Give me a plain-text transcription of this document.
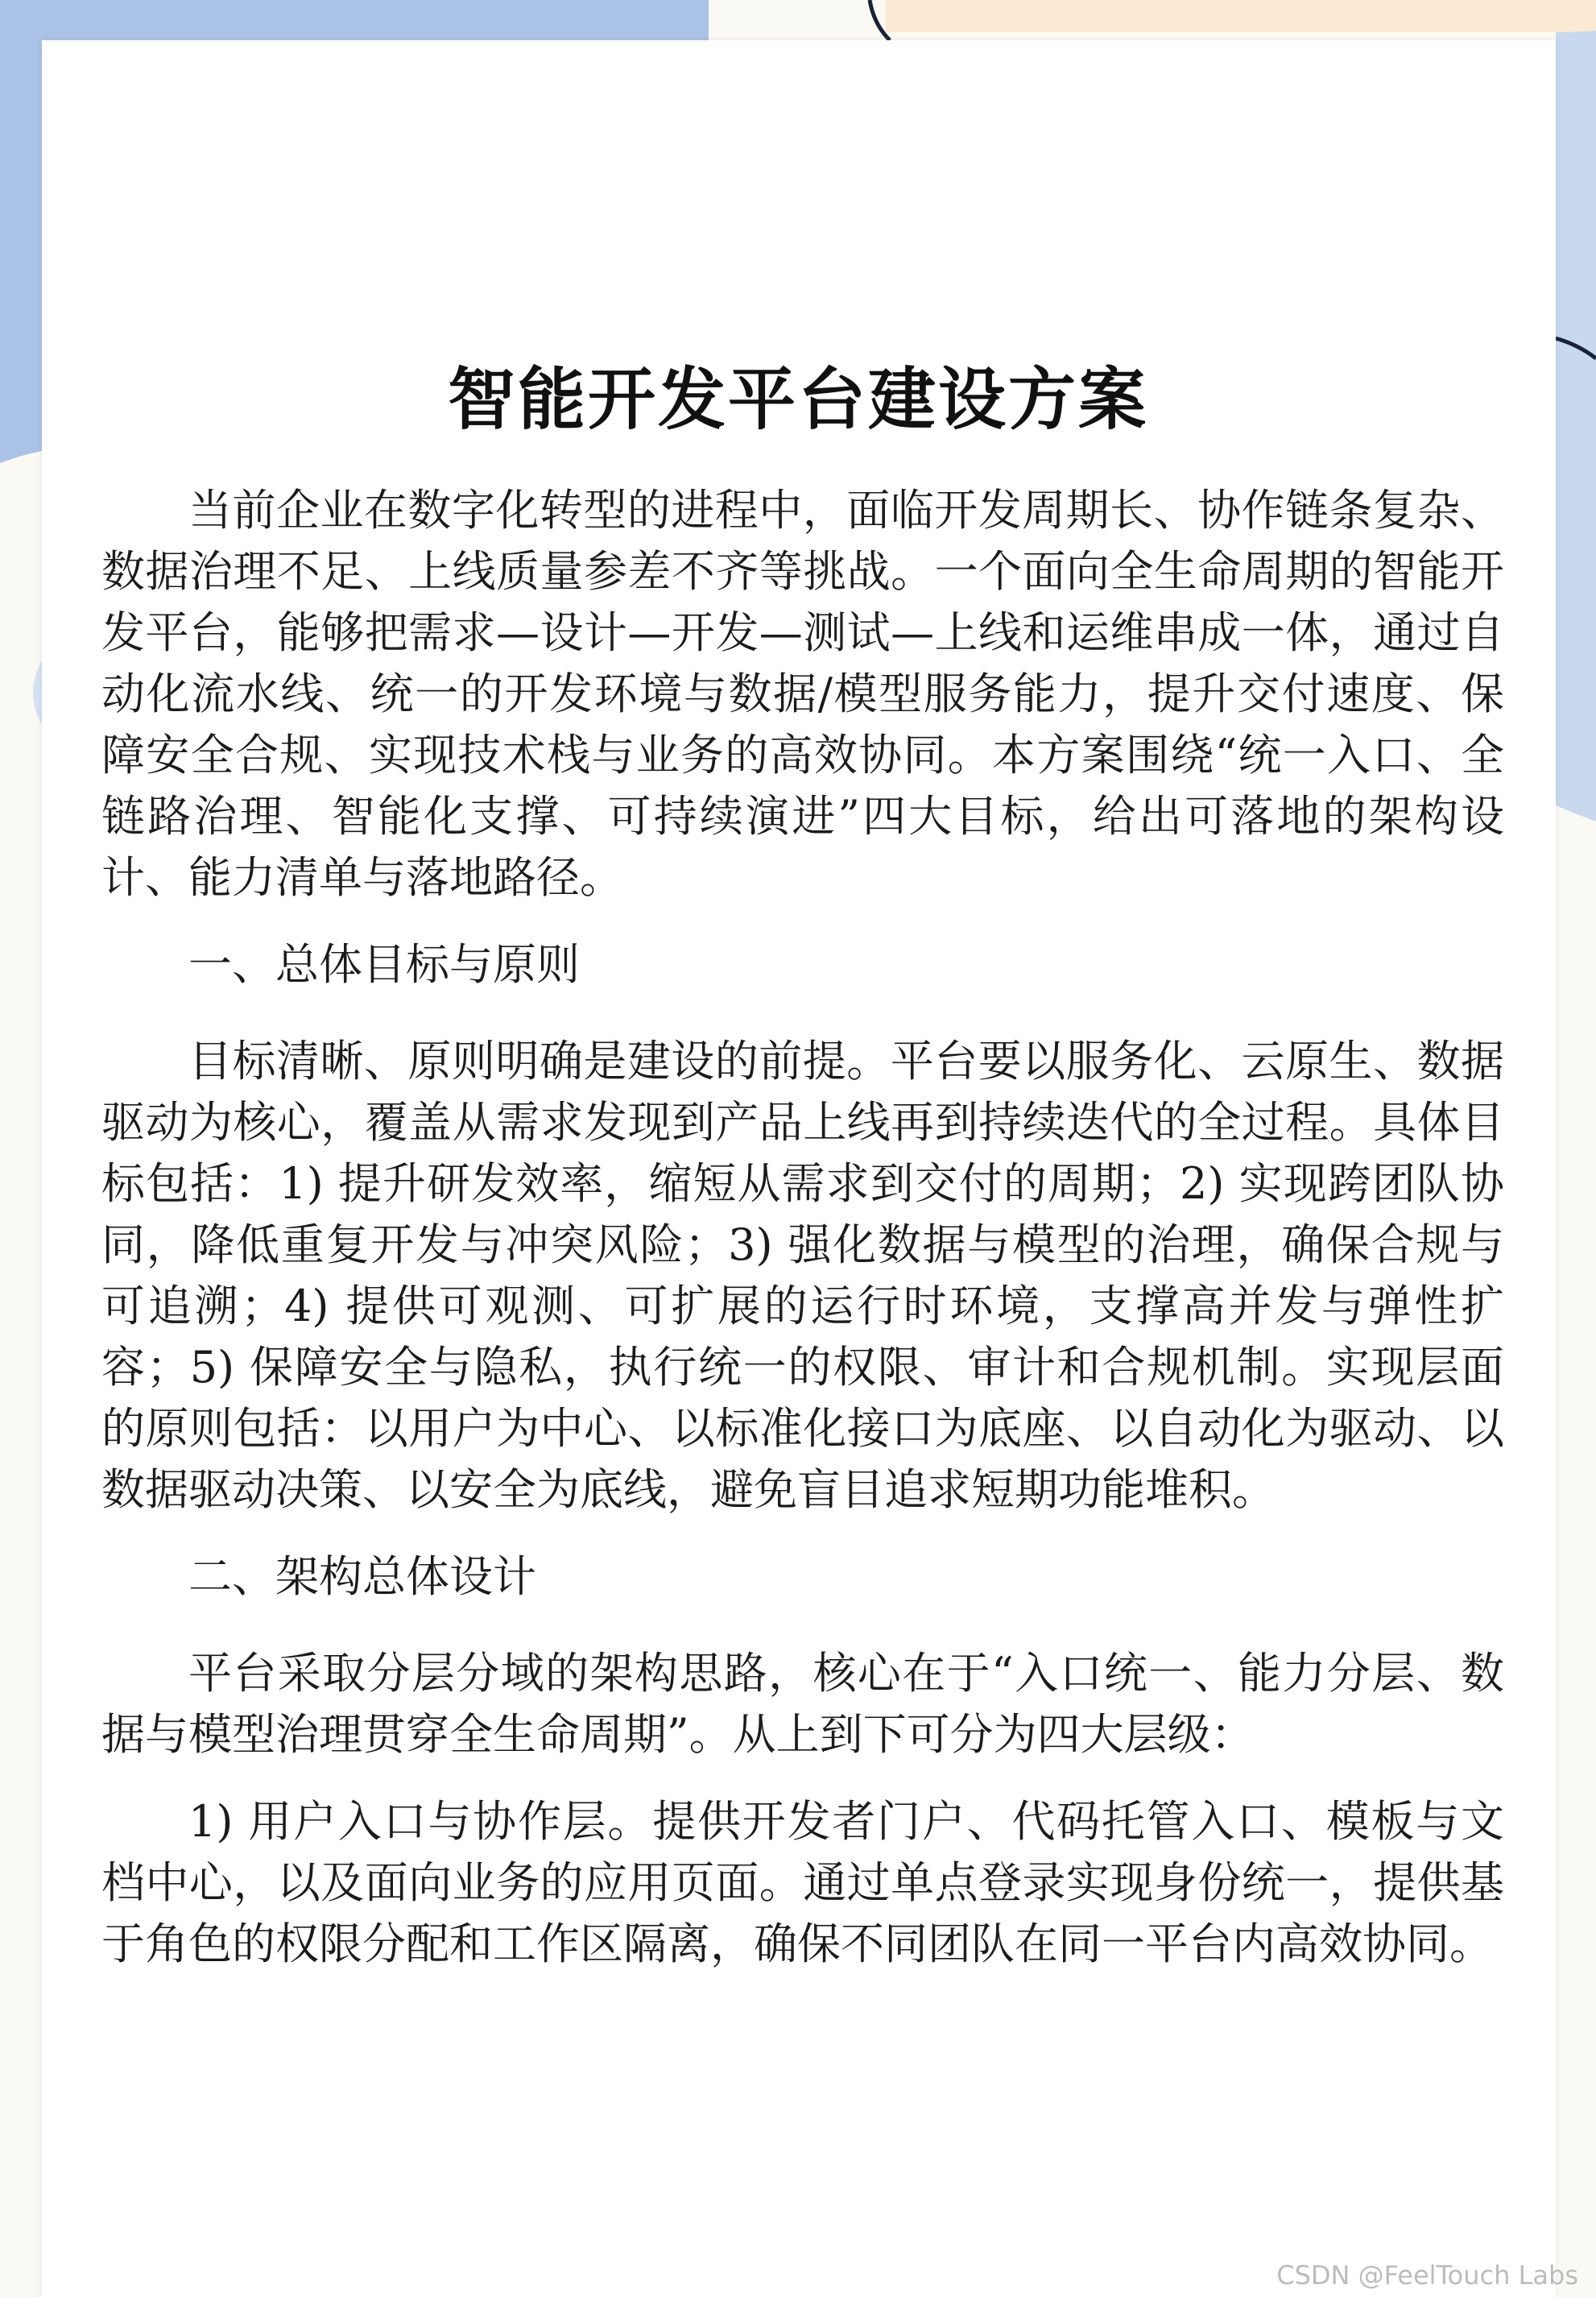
智能开发平台建设方案

当前企业在数字化转型的进程中，面临开发周期长、协作链条复杂、数据治理不足、上线质量参差不齐等挑战。一个面向全生命周期的智能开发平台，能够把需求—设计—开发—测试—上线和运维串成一体，通过自动化流水线、统一的开发环境与数据/模型服务能力，提升交付速度、保障安全合规、实现技术栈与业务的高效协同。本方案围绕“统一入口、全链路治理、智能化支撑、可持续演进”四大目标，给出可落地的架构设计、能力清单与落地路径。

一、总体目标与原则

目标清晰、原则明确是建设的前提。平台要以服务化、云原生、数据驱动为核心，覆盖从需求发现到产品上线再到持续迭代的全过程。具体目标包括：1) 提升研发效率，缩短从需求到交付的周期；2) 实现跨团队协同，降低重复开发与冲突风险；3) 强化数据与模型的治理，确保合规与可追溯；4) 提供可观测、可扩展的运行时环境，支撑高并发与弹性扩容；5) 保障安全与隐私，执行统一的权限、审计和合规机制。实现层面的原则包括：以用户为中心、以标准化接口为底座、以自动化为驱动、以数据驱动决策、以安全为底线，避免盲目追求短期功能堆积。

二、架构总体设计

平台采取分层分域的架构思路，核心在于“入口统一、能力分层、数据与模型治理贯穿全生命周期”。从上到下可分为四大层级：

1) 用户入口与协作层。提供开发者门户、代码托管入口、模板与文档中心，以及面向业务的应用页面。通过单点登录实现身份统一，提供基于角色的权限分配和工作区隔离，确保不同团队在同一平台内高效协同。

CSDN @FeelTouch Labs
